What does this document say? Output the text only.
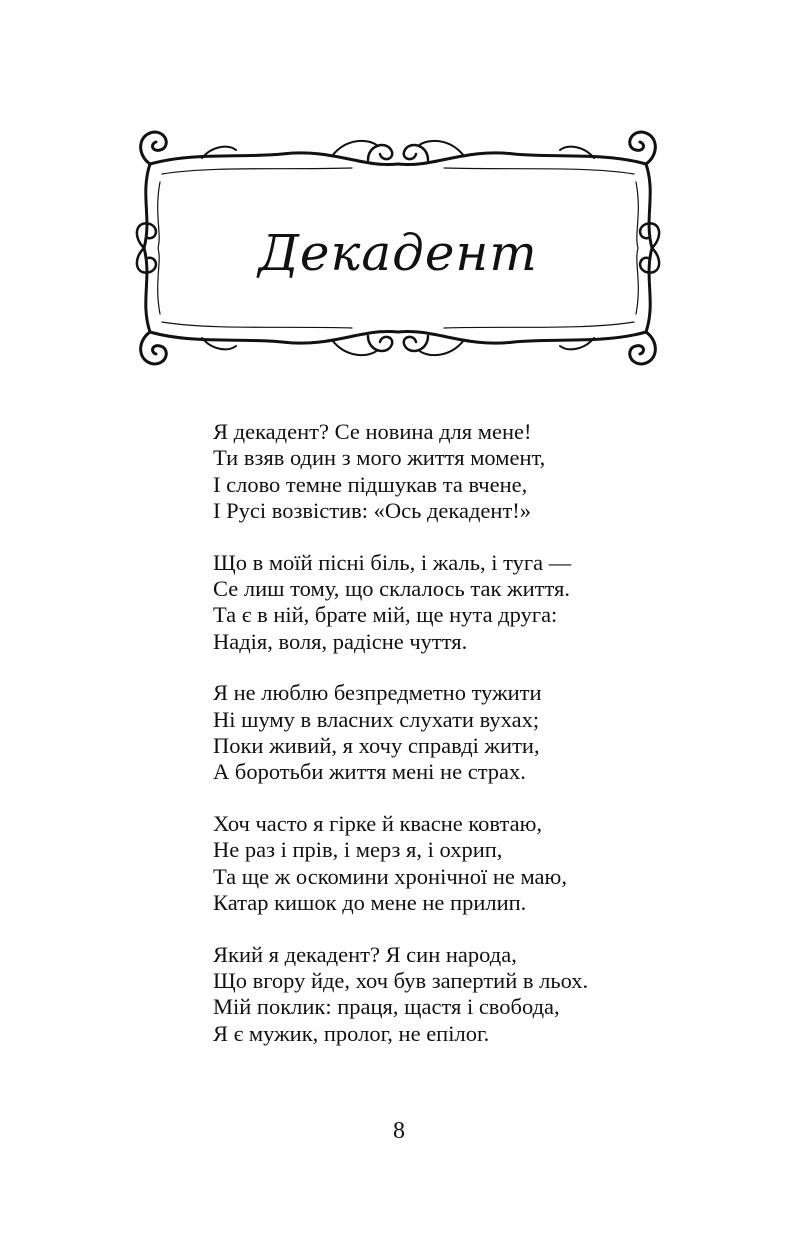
Декадент
Я декадент? Се новина для мене!
Ти взяв один з мого життя момент,
І слово темне підшукав та вчене,
І Русі возвістив: «Ось декадент!»
Що в моїй пісні біль, і жаль, і туга —
Се лиш тому, що склалось так життя.
Та є в ній, брате мій, ще нута друга:
Надія, воля, радісне чуття.
Я не люблю безпредметно тужити
Ні шуму в власних слухати вухах;
Поки живий, я хочу справді жити,
А боротьби життя мені не страх.
Хоч часто я гірке й квасне ковтаю,
Не раз і прів, і мерз я, і охрип,
Та ще ж оскомини хронічної не маю,
Катар кишок до мене не прилип.
Який я декадент? Я син народа,
Що вгору йде, хоч був запертий в льох.
Мій поклик: праця, щастя і свобода,
Я є мужик, пролог, не епілог.
8
